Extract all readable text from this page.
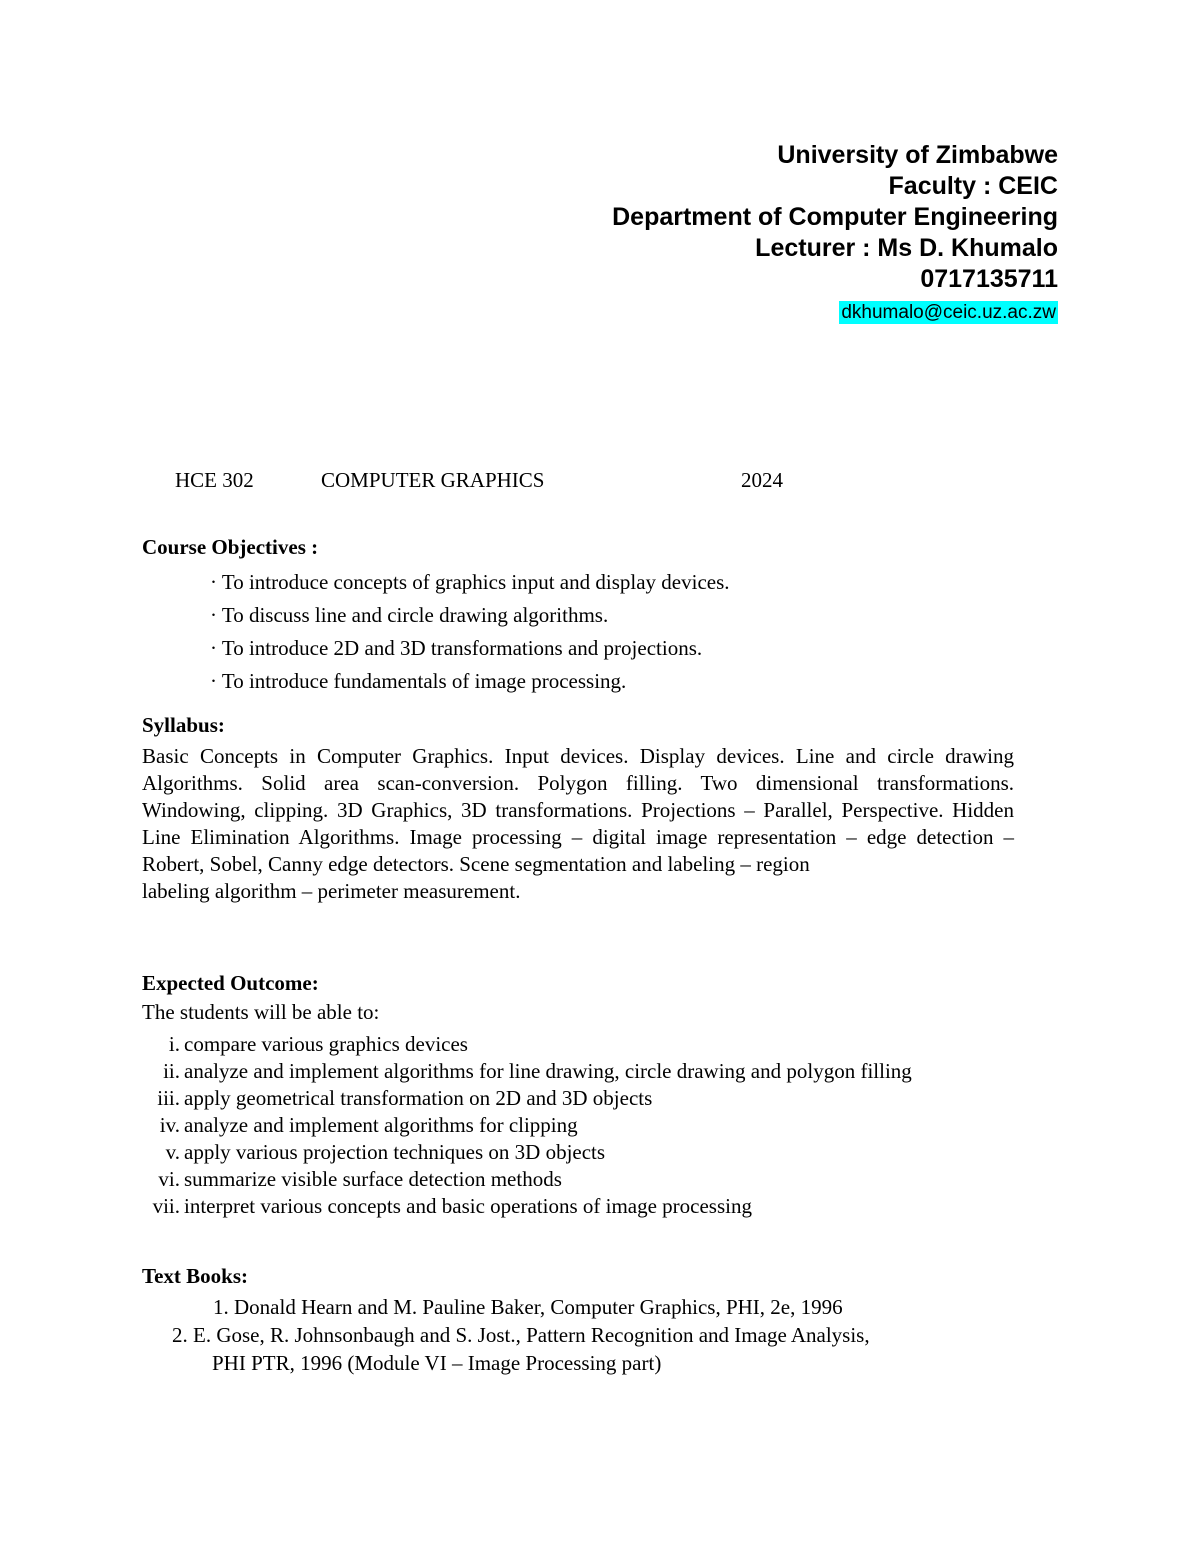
University of Zimbabwe
Faculty : CEIC
Department of Computer Engineering
Lecturer : Ms D. Khumalo
0717135711
dkhumalo@ceic.uz.ac.zw
HCE 302	COMPUTER GRAPHICS	2024
Course Objectives :
· To introduce concepts of graphics input and display devices.
· To discuss line and circle drawing algorithms.
· To introduce 2D and 3D transformations and projections.
· To introduce fundamentals of image processing.
Syllabus:
Basic Concepts in Computer Graphics. Input devices. Display devices. Line and circle drawing Algorithms. Solid area scan-conversion. Polygon filling. Two dimensional transformations. Windowing, clipping. 3D Graphics, 3D transformations. Projections – Parallel, Perspective. Hidden Line Elimination Algorithms. Image processing – digital image representation – edge detection – Robert, Sobel, Canny edge detectors. Scene segmentation and labeling – region
labeling algorithm – perimeter measurement.
Expected Outcome:
The students will be able to:
i. compare various graphics devices
ii. analyze and implement algorithms for line drawing, circle drawing and polygon filling
iii. apply geometrical transformation on 2D and 3D objects
iv. analyze and implement algorithms for clipping
v. apply various projection techniques on 3D objects
vi. summarize visible surface detection methods
vii. interpret various concepts and basic operations of image processing
Text Books:
1. Donald Hearn and M. Pauline Baker, Computer Graphics, PHI, 2e, 1996
2. E. Gose, R. Johnsonbaugh and S. Jost., Pattern Recognition and Image Analysis,
PHI PTR, 1996 (Module VI – Image Processing part)
